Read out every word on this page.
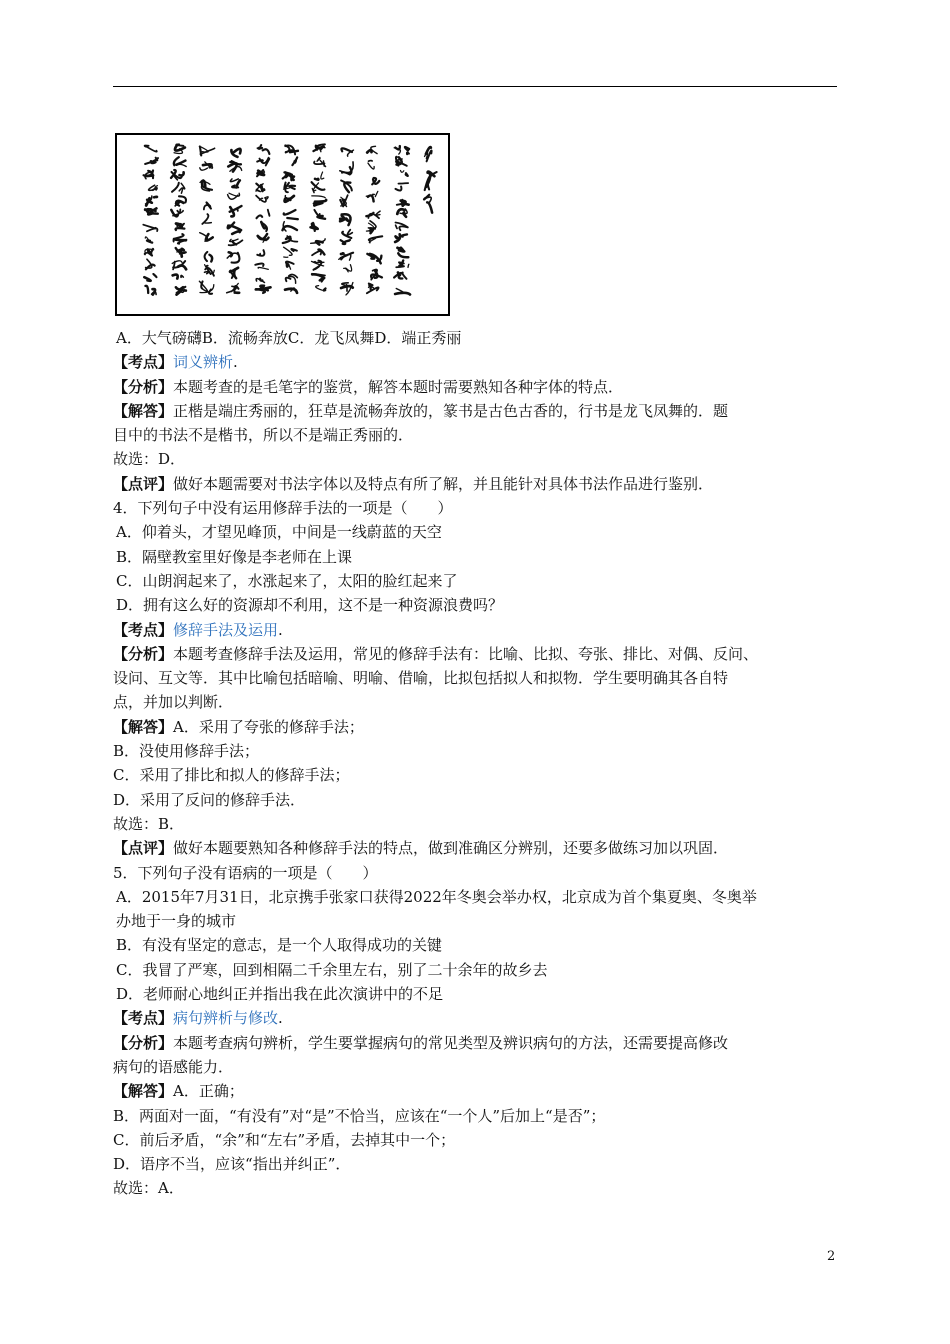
A．大气磅礴B．流畅奔放C．龙飞凤舞D．端正秀丽
【考点】词义辨析.
【分析】本题考查的是毛笔字的鉴赏，解答本题时需要熟知各种字体的特点．
【解答】正楷是端庄秀丽的，狂草是流畅奔放的，篆书是古色古香的，行书是龙飞凤舞的．题
目中的书法不是楷书，所以不是端正秀丽的．
故选：D．
【点评】做好本题需要对书法字体以及特点有所了解，并且能针对具体书法作品进行鉴别．
4．下列句子中没有运用修辞手法的一项是（　　）
A．仰着头，才望见峰顶，中间是一线蔚蓝的天空
B．隔壁教室里好像是李老师在上课
C．山朗润起来了，水涨起来了，太阳的脸红起来了
D．拥有这么好的资源却不利用，这不是一种资源浪费吗？
【考点】修辞手法及运用.
【分析】本题考查修辞手法及运用，常见的修辞手法有：比喻、比拟、夸张、排比、对偶、反问、
设问、互文等．其中比喻包括暗喻、明喻、借喻，比拟包括拟人和拟物．学生要明确其各自特
点，并加以判断．
【解答】A．采用了夸张的修辞手法；
B．没使用修辞手法；
C．采用了排比和拟人的修辞手法；
D．采用了反问的修辞手法．
故选：B．
【点评】做好本题要熟知各种修辞手法的特点，做到准确区分辨别，还要多做练习加以巩固．
5．下列句子没有语病的一项是（　　）
A．2015年7月31日，北京携手张家口获得2022年冬奥会举办权，北京成为首个集夏奥、冬奥举
办地于一身的城市
B．有没有坚定的意志，是一个人取得成功的关键
C．我冒了严寒，回到相隔二千余里左右，别了二十余年的故乡去
D．老师耐心地纠正并指出我在此次演讲中的不足
【考点】病句辨析与修改.
【分析】本题考查病句辨析，学生要掌握病句的常见类型及辨识病句的方法，还需要提高修改
病句的语感能力．
【解答】A．正确；
B．两面对一面，“有没有”对“是”不恰当，应该在“一个人”后加上“是否”；
C．前后矛盾，“余”和“左右”矛盾，去掉其中一个；
D．语序不当，应该“指出并纠正”．
故选：A．
2
